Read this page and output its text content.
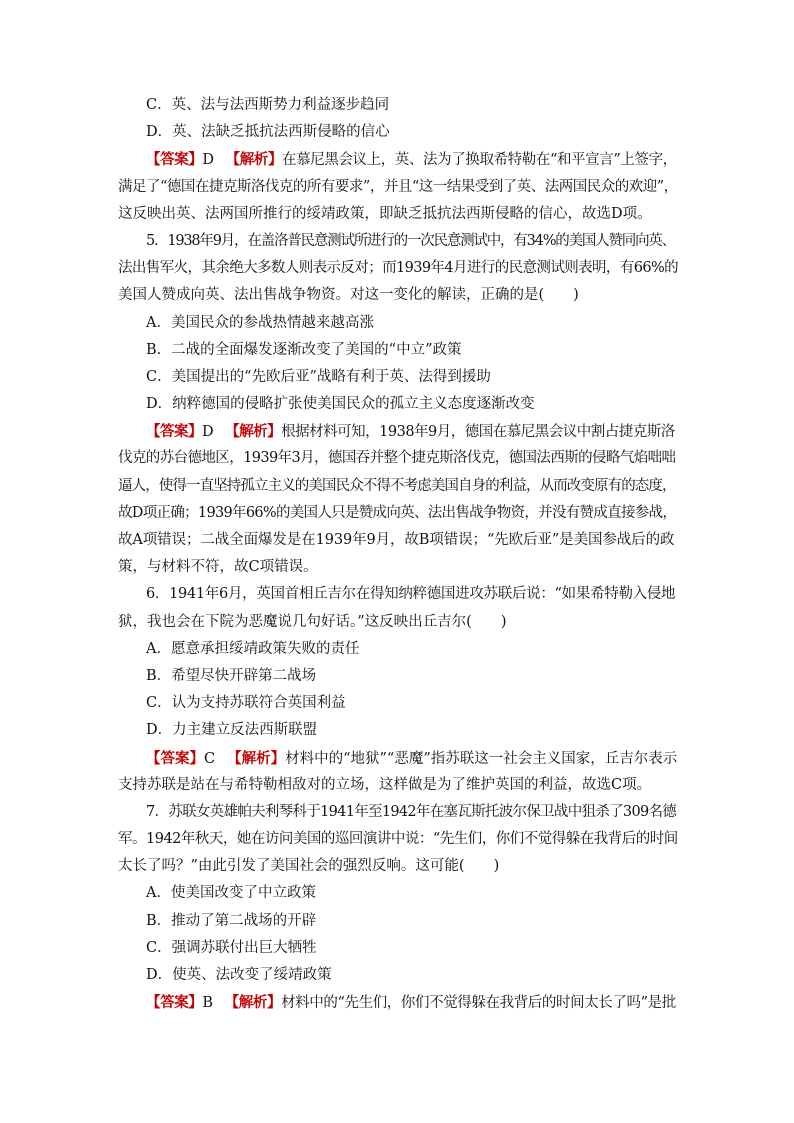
C．英、法与法西斯势力利益逐步趋同
D．英、法缺乏抵抗法西斯侵略的信心
【答案】D 【解析】在慕尼黑会议上，英、法为了换取希特勒在“和平宣言”上签字，
满足了“德国在捷克斯洛伐克的所有要求”，并且“这一结果受到了英、法两国民众的欢迎”，
这反映出英、法两国所推行的绥靖政策，即缺乏抵抗法西斯侵略的信心，故选D项。
5．1938年9月，在盖洛普民意测试所进行的一次民意测试中，有34%的美国人赞同向英、
法出售军火，其余绝大多数人则表示反对；而1939年4月进行的民意测试则表明，有66%的
美国人赞成向英、法出售战争物资。对这一变化的解读，正确的是(　　)
A．美国民众的参战热情越来越高涨
B．二战的全面爆发逐渐改变了美国的“中立”政策
C．美国提出的“先欧后亚”战略有利于英、法得到援助
D．纳粹德国的侵略扩张使美国民众的孤立主义态度逐渐改变
【答案】D 【解析】根据材料可知，1938年9月，德国在慕尼黑会议中割占捷克斯洛
伐克的苏台德地区，1939年3月，德国吞并整个捷克斯洛伐克，德国法西斯的侵略气焰咄咄
逼人，使得一直坚持孤立主义的美国民众不得不考虑美国自身的利益，从而改变原有的态度，
故D项正确；1939年66%的美国人只是赞成向英、法出售战争物资，并没有赞成直接参战，
故A项错误；二战全面爆发是在1939年9月，故B项错误；“先欧后亚”是美国参战后的政
策，与材料不符，故C项错误。
6．1941年6月，英国首相丘吉尔在得知纳粹德国进攻苏联后说：“如果希特勒入侵地
狱，我也会在下院为恶魔说几句好话。”这反映出丘吉尔(　　)
A．愿意承担绥靖政策失败的责任
B．希望尽快开辟第二战场
C．认为支持苏联符合英国利益
D．力主建立反法西斯联盟
【答案】C 【解析】材料中的“地狱”“恶魔”指苏联这一社会主义国家，丘吉尔表示
支持苏联是站在与希特勒相敌对的立场，这样做是为了维护英国的利益，故选C项。
7．苏联女英雄帕夫利琴科于1941年至1942年在塞瓦斯托波尔保卫战中狙杀了309名德
军。1942年秋天，她在访问美国的巡回演讲中说：“先生们，你们不觉得躲在我背后的时间
太长了吗？”由此引发了美国社会的强烈反响。这可能(　　)
A．使美国改变了中立政策
B．推动了第二战场的开辟
C．强调苏联付出巨大牺牲
D．使英、法改变了绥靖政策
【答案】B 【解析】材料中的“先生们，你们不觉得躲在我背后的时间太长了吗”是批
